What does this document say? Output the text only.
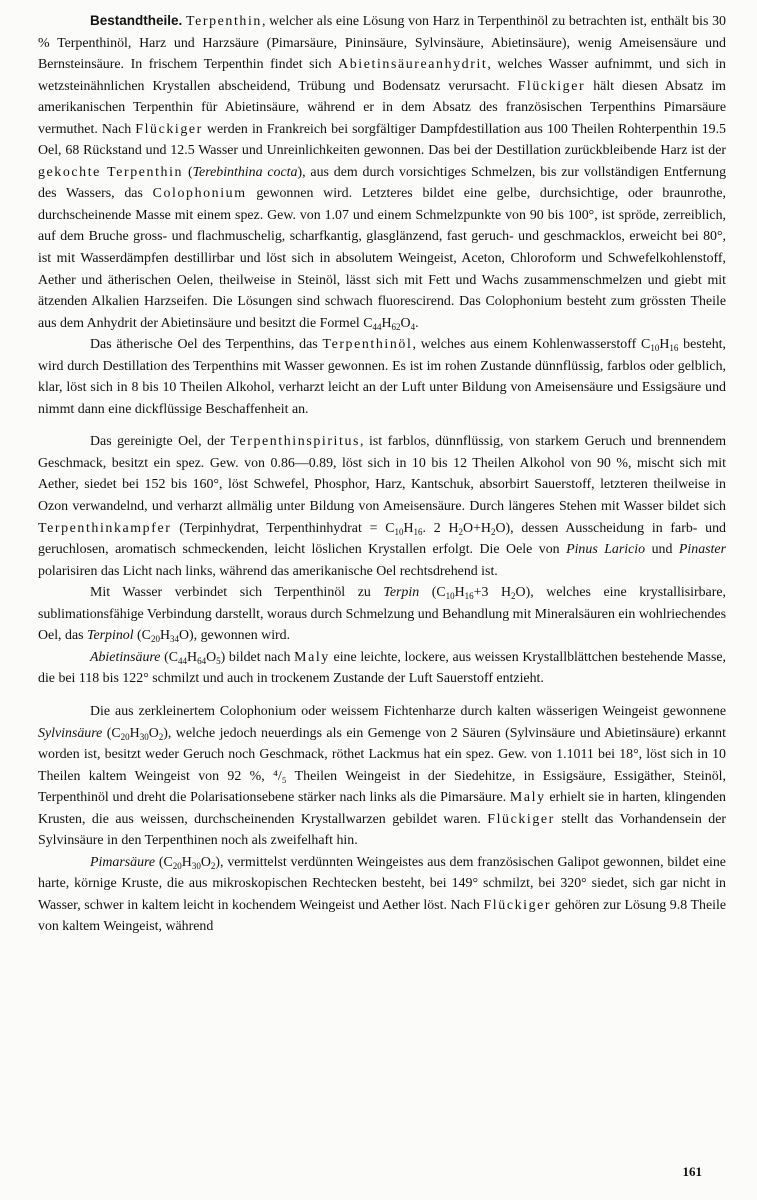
Bestandtheile. Terpenthin, welcher als eine Lösung von Harz in Terpenthinöl zu betrachten ist, enthält bis 30 % Terpenthinöl, Harz und Harzsäure (Pimarsäure, Pininsäure, Sylvinsäure, Abietinsäure), wenig Ameisensäure und Bernsteinsäure. In frischem Terpenthin findet sich Abietinsäureanhydrit, welches Wasser aufnimmt, und sich in wetzsteinähnlichen Krystallen abscheidend, Trübung und Bodensatz verursacht. Flückiger hält diesen Absatz im amerikanischen Terpenthin für Abietinsäure, während er in dem Absatz des französischen Terpenthins Pimarsäure vermuthet. Nach Flückiger werden in Frankreich bei sorgfältiger Dampfdestillation aus 100 Theilen Rohterpenthin 19.5 Oel, 68 Rückstand und 12.5 Wasser und Unreinlichkeiten gewonnen. Das bei der Destillation zurückbleibende Harz ist der gekochte Terpenthin (Terebinthina cocta), aus dem durch vorsichtiges Schmelzen, bis zur vollständigen Entfernung des Wassers, das Colophonium gewonnen wird. Letzteres bildet eine gelbe, durchsichtige, oder braunrothe, durchscheinende Masse mit einem spez. Gew. von 1.07 und einem Schmelzpunkte von 90 bis 100°, ist spröde, zerreiblich, auf dem Bruche gross- und flachmuschelig, scharfkantig, glasglänzend, fast geruch- und geschmacklos, erweicht bei 80°, ist mit Wasserdämpfen destillirbar und löst sich in absolutem Weingeist, Aceton, Chloroform und Schwefelkohlenstoff, Aether und ätherischen Oelen, theilweise in Steinöl, lässt sich mit Fett und Wachs zusammenschmelzen und giebt mit ätzenden Alkalien Harzseifen. Die Lösungen sind schwach fluorescirend. Das Colophonium besteht zum grössten Theile aus dem Anhydrit der Abietinsäure und besitzt die Formel $C_{44}H_{62}O_4$.

Das ätherische Oel des Terpenthins, das Terpenthinöl, welches aus einem Kohlenwasserstoff $C_{10}H_{16}$ besteht, wird durch Destillation des Terpenthins mit Wasser gewonnen. Es ist im rohen Zustande dünnflüssig, farblos oder gelblich, klar, löst sich in 8 bis 10 Theilen Alkohol, verharzt leicht an der Luft unter Bildung von Ameisensäure und Essigsäure und nimmt dann eine dickflüssige Beschaffenheit an.

Das gereinigte Oel, der Terpenthinspiritus, ist farblos, dünnflüssig, von starkem Geruch und brennendem Geschmack, besitzt ein spez. Gew. von 0.86—0.89, löst sich in 10 bis 12 Theilen Alkohol von 90 %, mischt sich mit Aether, siedet bei 152 bis 160°, löst Schwefel, Phosphor, Harz, Kantschuk, absorbirt Sauerstoff, letzteren theilweise in Ozon verwandelnd, und verharzt allmälig unter Bildung von Ameisensäure. Durch längeres Stehen mit Wasser bildet sich Terpenthinkampfer (Terpinhydrat, Terpenthinhydrat = $C_{10}H_{16}$. 2 $H_2O+H_2O$), dessen Ausscheidung in farb- und geruchlosen, aromatisch schmeckenden, leicht löslichen Krystallen erfolgt. Die Oele von Pinus Laricio und Pinaster polarisiren das Licht nach links, während das amerikanische Oel rechtsdrehend ist.

Mit Wasser verbindet sich Terpenthinöl zu Terpin ($C_{10}H_{16}+3$ $H_2O$), welches eine krystallisirbare, sublimationsfähige Verbindung darstellt, woraus durch Schmelzung und Behandlung mit Mineralsäuren ein wohlriechendes Oel, das Terpinol $(C_{20}H_{34}O)$, gewonnen wird.

Abietinsäure $(C_{44}H_{64}O_5)$ bildet nach Maly eine leichte, lockere, aus weissen Krystallblättchen bestehende Masse, die bei 118 bis 122° schmilzt und auch in trockenem Zustande der Luft Sauerstoff entzieht.

Die aus zerkleinertem Colophonium oder weissem Fichtenharze durch kalten wässerigen Weingeist gewonnene Sylvinsäure $(C_{20}H_{30}O_2)$, welche jedoch neuerdings als ein Gemenge von 2 Säuren (Sylvinsäure und Abietinsäure) erkannt worden ist, besitzt weder Geruch noch Geschmack, röthet Lackmus hat ein spez. Gew. von 1.1011 bei 18°, löst sich in 10 Theilen kaltem Weingeist von 92 %, ⁴/₅ Theilen Weingeist in der Siedehitze, in Essigsäure, Essigäther, Steinöl, Terpenthinöl und dreht die Polarisationsebene stärker nach links als die Pimarsäure. Maly erhielt sie in harten, klingenden Krusten, die aus weissen, durchscheinenden Krystallwarzen gebildet waren. Flückiger stellt das Vorhandensein der Sylvinsäure in den Terpenthinen noch als zweifelhaft hin.

Pimarsäure $(C_{20}H_{30}O_2)$, vermittelst verdünnten Weingeistes aus dem französischen Galipot gewonnen, bildet eine harte, körnige Kruste, die aus mikroskopischen Rechtecken besteht, bei 149° schmilzt, bei 320° siedet, sich gar nicht in Wasser, schwer in kaltem leicht in kochendem Weingeist und Aether löst. Nach Flückiger gehören zur Lösung 9.8 Theile von kaltem Weingeist, während

161
